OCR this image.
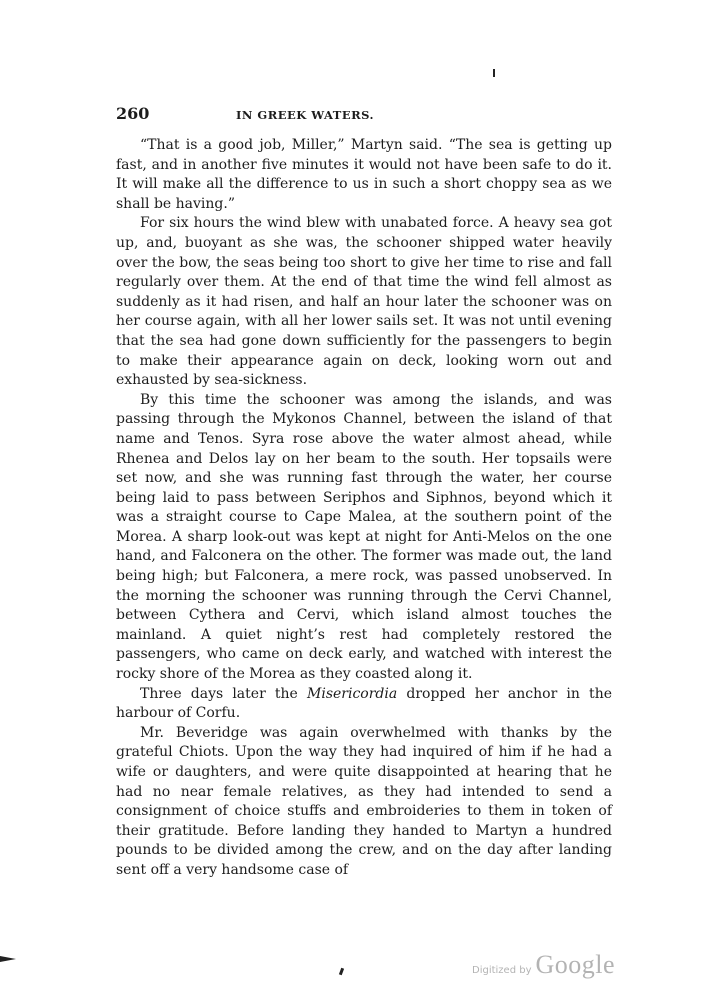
260	IN GREEK WATERS.

“That is a good job, Miller,” Martyn said. “The sea is getting up fast, and in another five minutes it would not have been safe to do it. It will make all the difference to us in such a short choppy sea as we shall be having.”

For six hours the wind blew with unabated force. A heavy sea got up, and, buoyant as she was, the schooner shipped water heavily over the bow, the seas being too short to give her time to rise and fall regularly over them. At the end of that time the wind fell almost as suddenly as it had risen, and half an hour later the schooner was on her course again, with all her lower sails set. It was not until evening that the sea had gone down sufficiently for the passengers to begin to make their appearance again on deck, looking worn out and exhausted by sea-sickness.

By this time the schooner was among the islands, and was passing through the Mykonos Channel, between the island of that name and Tenos. Syra rose above the water almost ahead, while Rhenea and Delos lay on her beam to the south. Her topsails were set now, and she was running fast through the water, her course being laid to pass between Seriphos and Siphnos, beyond which it was a straight course to Cape Malea, at the southern point of the Morea. A sharp look-out was kept at night for Anti-Melos on the one hand, and Falconera on the other. The former was made out, the land being high; but Falconera, a mere rock, was passed unobserved. In the morning the schooner was running through the Cervi Channel, between Cythera and Cervi, which island almost touches the mainland. A quiet night’s rest had completely restored the passengers, who came on deck early, and watched with interest the rocky shore of the Morea as they coasted along it.

Three days later the Misericordia dropped her anchor in the harbour of Corfu.

Mr. Beveridge was again overwhelmed with thanks by the grateful Chiots. Upon the way they had inquired of him if he had a wife or daughters, and were quite disappointed at hearing that he had no near female relatives, as they had intended to send a consignment of choice stuffs and embroideries to them in token of their gratitude. Before landing they handed to Martyn a hundred pounds to be divided among the crew, and on the day after landing sent off a very handsome case of

Digitized by Google
